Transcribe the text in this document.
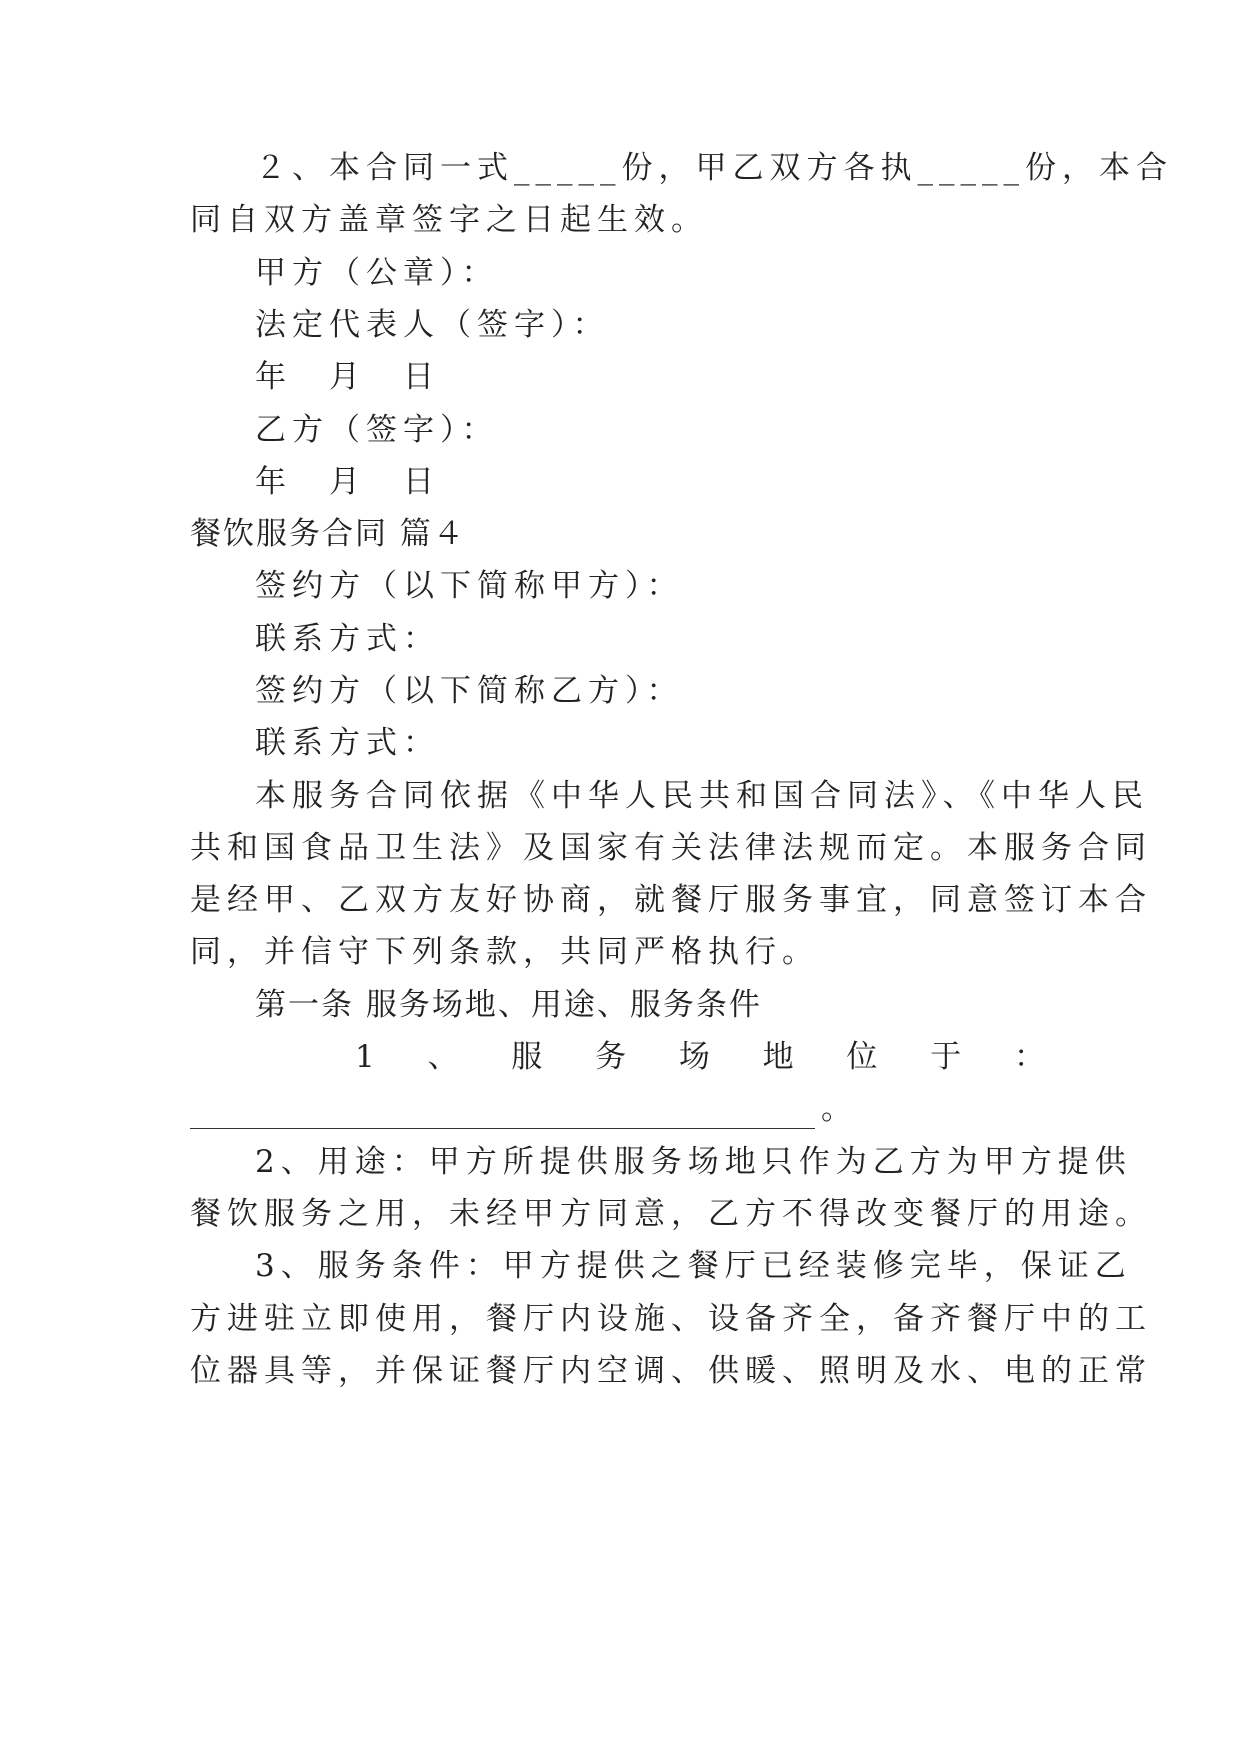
２、本合同一式_____份，甲乙双方各执_____份，本合
同自双方盖章签字之日起生效。
甲方（公章）：
法定代表人（签字）：
年　月　日
乙方（签字）：
年　月　日
餐饮服务合同 篇４
签约方（以下简称甲方）：
联系方式：
签约方（以下简称乙方）：
联系方式：
本服务合同依据《中华人民共和国合同法》、《中华人民
共和国食品卫生法》及国家有关法律法规而定。本服务合同
是经甲、乙双方友好协商，就餐厅服务事宜，同意签订本合
同，并信守下列条款，共同严格执行。
第一条 服务场地、用途、服务条件
1 、 服 务 场 地 位 于 ：
。
2、用途：甲方所提供服务场地只作为乙方为甲方提供
餐饮服务之用，未经甲方同意，乙方不得改变餐厅的用途。
3、服务条件：甲方提供之餐厅已经装修完毕，保证乙
方进驻立即使用，餐厅内设施、设备齐全，备齐餐厅中的工
位器具等，并保证餐厅内空调、供暖、照明及水、电的正常
